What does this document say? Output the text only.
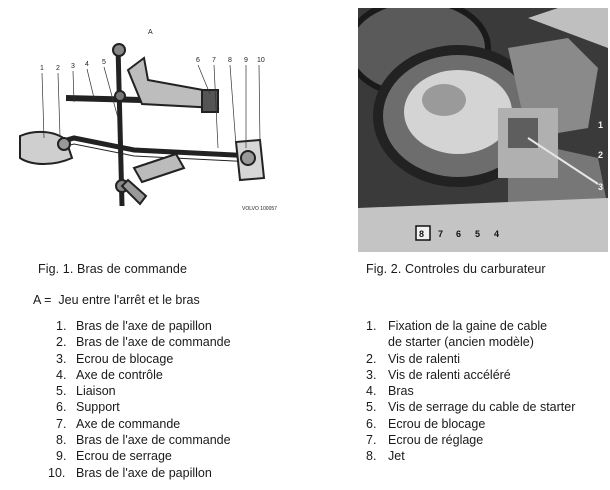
1 2 3 4 5
A
6 7 8 9 10
VOLVO 100057
8 7 6 5 4
1
2
3
Fig. 1. Bras de commande	Fig. 2. Controles du carburateur
A = Jeu entre l'arrêt et le bras
1. Bras de l'axe de papillon
2. Bras de l'axe de commande
3. Ecrou de blocage
4. Axe de contrôle
5. Liaison
6. Support
7. Axe de commande
8. Bras de l'axe de commande
9. Ecrou de serrage
10. Bras de l'axe de papillon
1. Fixation de la gaine de cable
de starter (ancien modèle)
2. Vis de ralenti
3. Vis de ralenti accéléré
4. Bras
5. Vis de serrage du cable de starter
6. Ecrou de blocage
7. Ecrou de réglage
8. Jet
